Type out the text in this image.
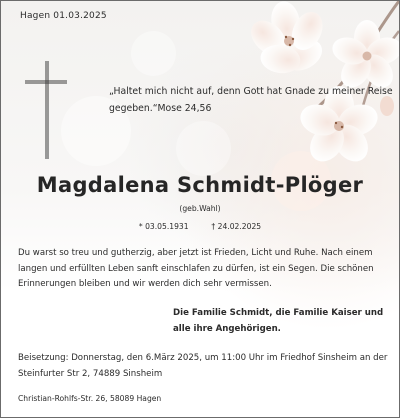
Hagen 01.03.2025
„Haltet mich nicht auf, denn Gott hat Gnade zu meiner Reise gegeben.“Mose 24,56
Magdalena Schmidt-Plöger
(geb.Wahl)
* 03.05.1931	† 24.02.2025
Du warst so treu und gutherzig, aber jetzt ist Frieden, Licht und Ruhe. Nach einem langen und erfüllten Leben sanft einschlafen zu dürfen, ist ein Segen. Die schönen Erinnerungen bleiben und wir werden dich sehr vermissen.
Die Familie Schmidt, die Familie Kaiser und alle ihre Angehörigen.
Beisetzung: Donnerstag, den 6.März 2025, um 11:00 Uhr im Friedhof Sinsheim an der Steinfurter Str 2, 74889 Sinsheim
Christian-Rohlfs-Str. 26, 58089 Hagen
